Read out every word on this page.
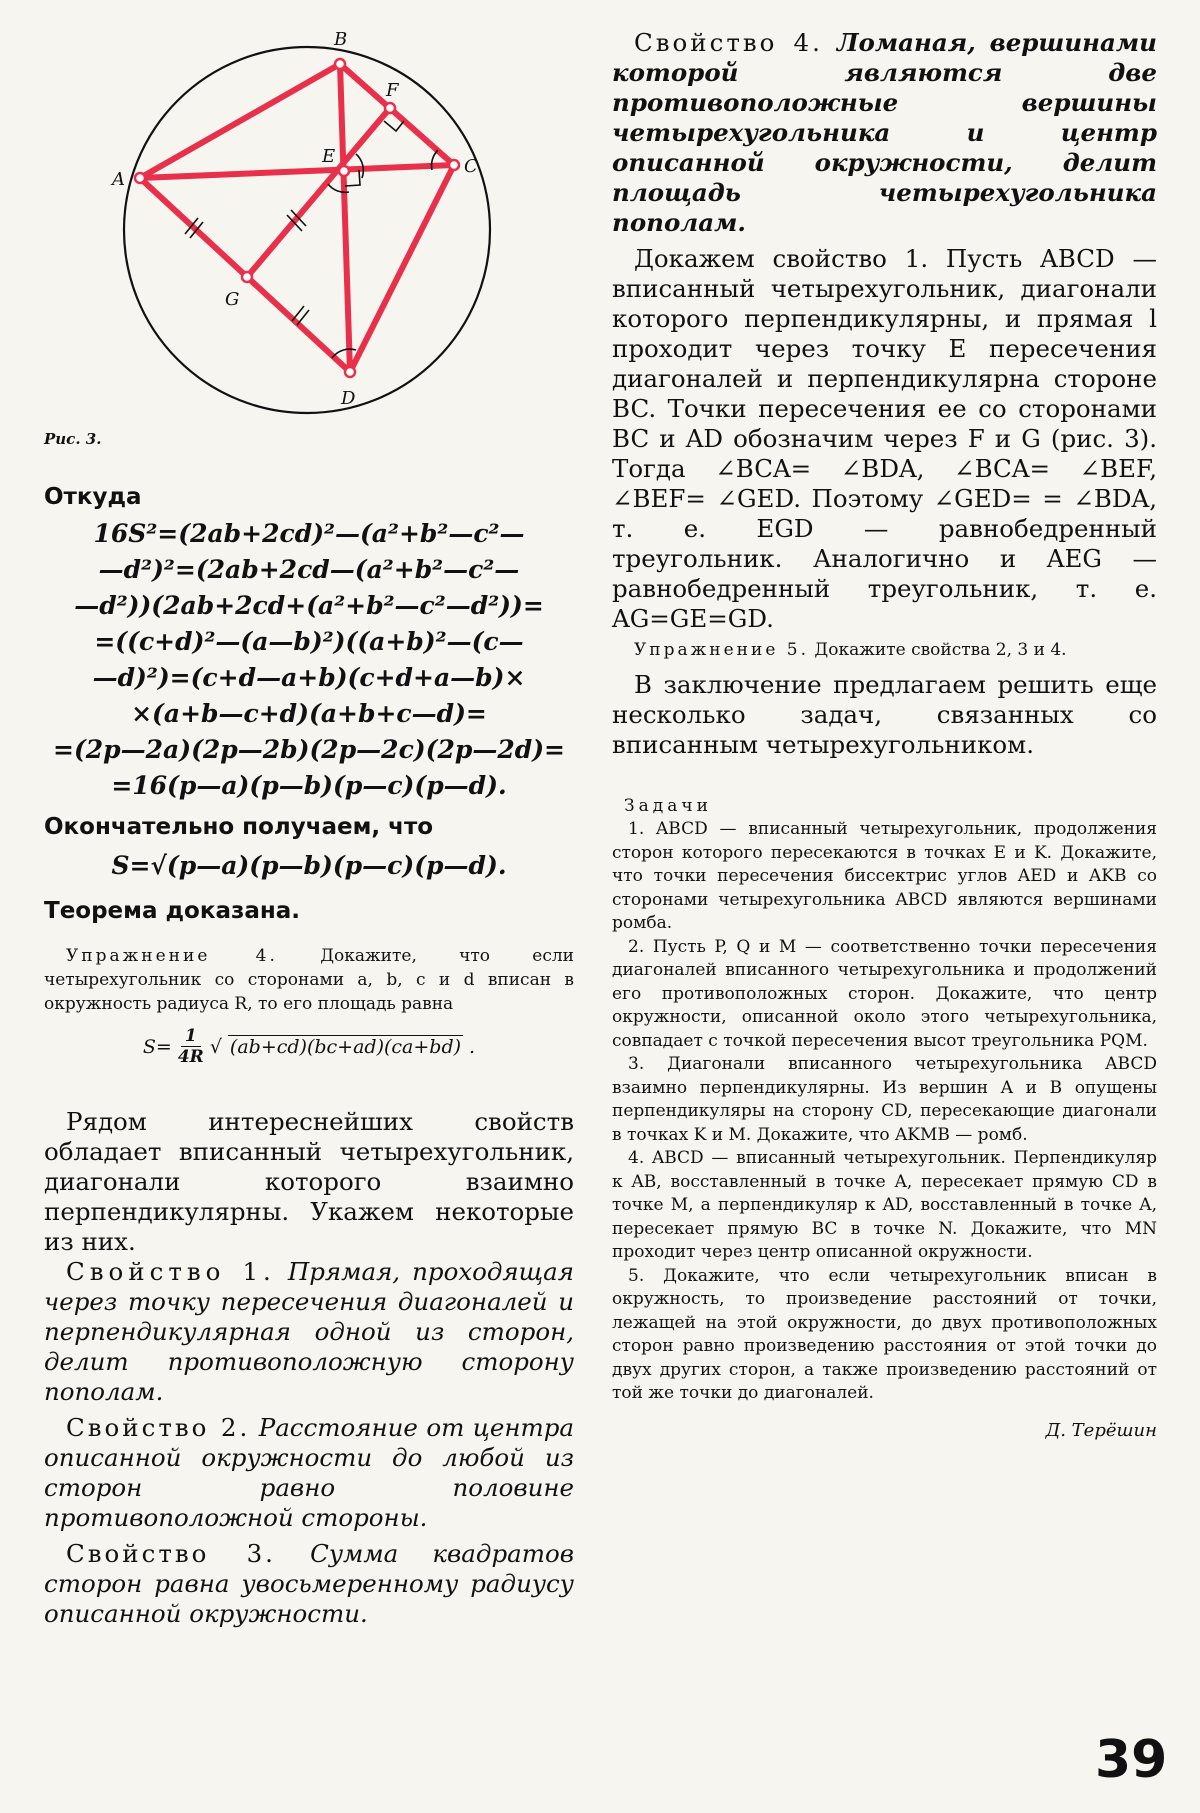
A
B
C
D
E
F
G
Рис. 3.
Откуда
16S²=(2ab+2cd)²—(a²+b²—c²—
—d²)²=(2ab+2cd—(a²+b²—c²—
—d²))(2ab+2cd+(a²+b²—c²—d²))=
=((c+d)²—(a—b)²)((a+b)²—(c—
—d)²)=(c+d—a+b)(c+d+a—b)×
×(a+b—c+d)(a+b+c—d)=
=(2p—2a)(2p—2b)(2p—2c)(2p—2d)=
=16(p—a)(p—b)(p—c)(p—d).
Окончательно получаем, что
S=√(p—a)(p—b)(p—c)(p—d).
Теорема доказана.
Упражнение 4. Докажите, что если четырехугольник со сторонами a, b, c и d вписан в окружность радиуса R, то его площадь равна
$S= \frac{1}{4R}$ √ (ab+cd)(bc+ad)(ca+bd) .

Рядом интереснейших свойств обладает вписанный четырехугольник, диагонали которого взаимно перпендикулярны. Укажем некоторые из них.

Свойство 1. Прямая, проходящая через точку пересечения диагоналей и перпендикулярная одной из сторон, делит противоположную сторону пополам.

Свойство 2. Расстояние от центра описанной окружности до любой из сторон равно половине противоположной стороны.

Свойство 3. Сумма квадратов сторон равна увосьмеренному радиусу описанной окружности.

Свойство 4. Ломаная, вершинами которой являются две противоположные вершины четырехугольника и центр описанной окружности, делит площадь четырехугольника пополам.

Докажем свойство 1. Пусть ABCD — вписанный четырехугольник, диагонали которого перпендикулярны, и прямая l проходит через точку E пересечения диагоналей и перпендикулярна стороне BC. Точки пересечения ее со сторонами BC и AD обозначим через F и G (рис. 3). Тогда ∠BCA= ∠BDA, ∠BCA= ∠BEF, ∠BEF= ∠GED. Поэтому ∠GED= = ∠BDA, т. е. EGD — равнобедренный треугольник. Аналогично и AEG — равнобедренный треугольник, т. е. AG=GE=GD.

Упражнение 5. Докажите свойства 2, 3 и 4.

В заключение предлагаем решить еще несколько задач, связанных со вписанным четырехугольником.

Задачи

1. ABCD — вписанный четырехугольник, продолжения сторон которого пересекаются в точках E и K. Докажите, что точки пересечения биссектрис углов AED и AKB со сторонами четырехугольника ABCD являются вершинами ромба.

2. Пусть P, Q и M — соответственно точки пересечения диагоналей вписанного четырехугольника и продолжений его противоположных сторон. Докажите, что центр окружности, описанной около этого четырехугольника, совпадает с точкой пересечения высот треугольника PQM.

3. Диагонали вписанного четырехугольника ABCD взаимно перпендикулярны. Из вершин A и B опущены перпендикуляры на сторону CD, пересекающие диагонали в точках K и M. Докажите, что AKMB — ромб.

4. ABCD — вписанный четырехугольник. Перпендикуляр к AB, восставленный в точке A, пересекает прямую CD в точке M, а перпендикуляр к AD, восставленный в точке A, пересекает прямую BC в точке N. Докажите, что MN проходит через центр описанной окружности.

5. Докажите, что если четырехугольник вписан в окружность, то произведение расстояний от точки, лежащей на этой окружности, до двух противоположных сторон равно произведению расстояния от этой точки до двух других сторон, а также произведению расстояний от той же точки до диагоналей.

Д. Терёшин
39
